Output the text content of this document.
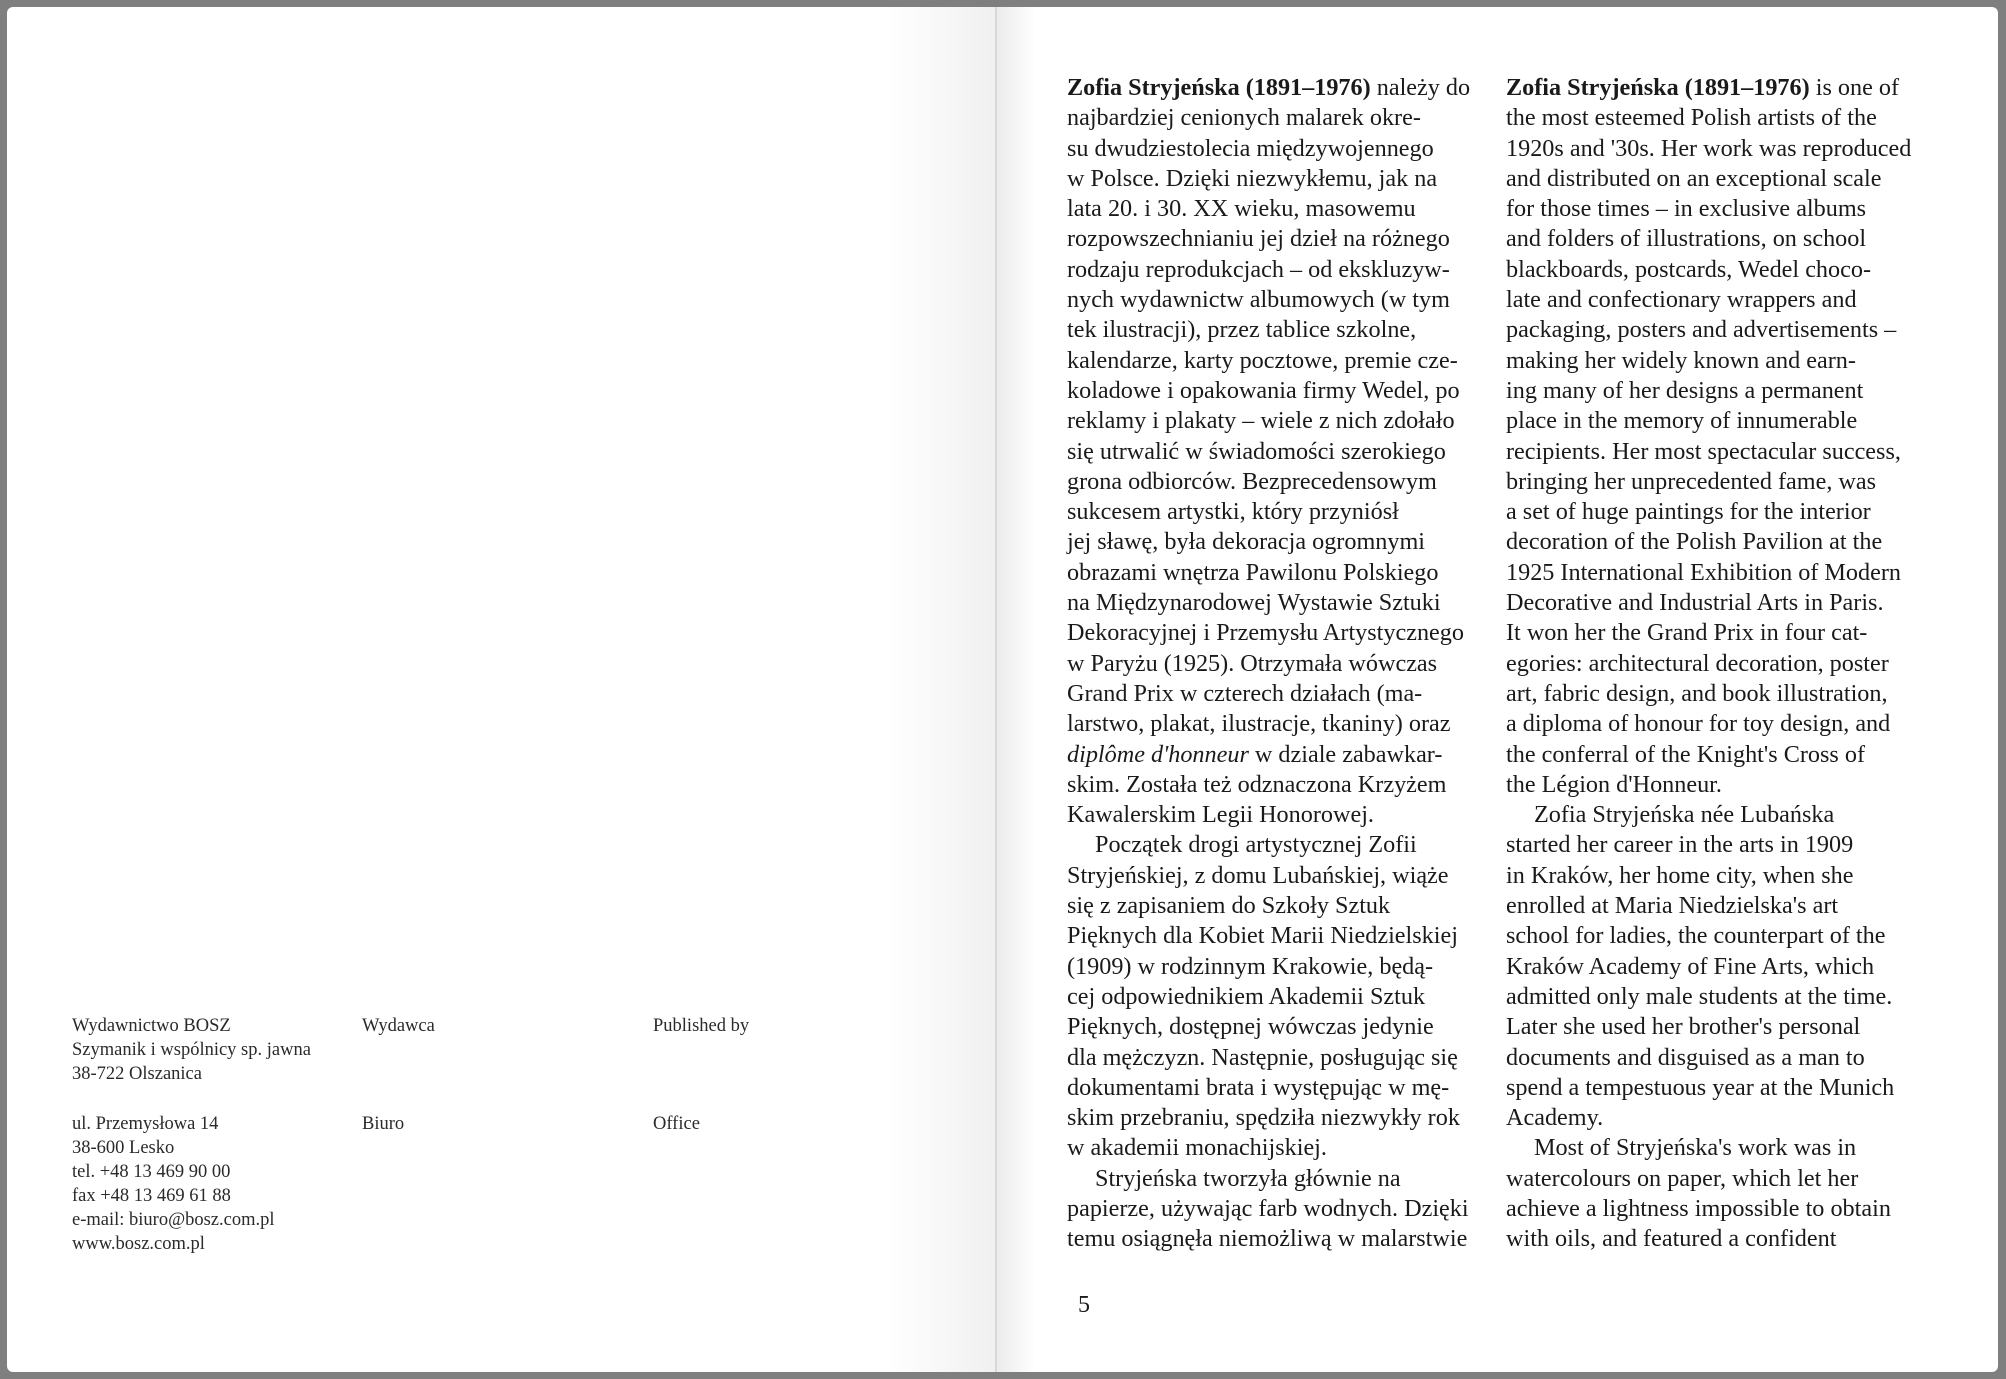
Wydawnictwo BOSZ
Szymanik i wspólnicy sp. jawna
38-722 Olszanica
Wydawca	Published by
ul. Przemysłowa 14
38-600 Lesko
tel. +48 13 469 90 00
fax +48 13 469 61 88
e-mail: biuro@bosz.com.pl
www.bosz.com.pl
Biuro	Office
Zofia Stryjeńska (1891–1976) należy do
najbardziej cenionych malarek okre-
su dwudziestolecia międzywojennego
w Polsce. Dzięki niezwykłemu, jak na
lata 20. i 30. XX wieku, masowemu
rozpowszechnianiu jej dzieł na różnego
rodzaju reprodukcjach – od ekskluzyw-
nych wydawnictw albumowych (w tym
tek ilustracji), przez tablice szkolne,
kalendarze, karty pocztowe, premie cze-
koladowe i opakowania firmy Wedel, po
reklamy i plakaty – wiele z nich zdołało
się utrwalić w świadomości szerokiego
grona odbiorców. Bezprecedensowym
sukcesem artystki, który przyniósł
jej sławę, była dekoracja ogromnymi
obrazami wnętrza Pawilonu Polskiego
na Międzynarodowej Wystawie Sztuki
Dekoracyjnej i Przemysłu Artystycznego
w Paryżu (1925). Otrzymała wówczas
Grand Prix w czterech działach (ma-
larstwo, plakat, ilustracje, tkaniny) oraz
diplôme d'honneur w dziale zabawkar-
skim. Została też odznaczona Krzyżem
Kawalerskim Legii Honorowej.
Początek drogi artystycznej Zofii
Stryjeńskiej, z domu Lubańskiej, wiąże
się z zapisaniem do Szkoły Sztuk
Pięknych dla Kobiet Marii Niedzielskiej
(1909) w rodzinnym Krakowie, będą-
cej odpowiednikiem Akademii Sztuk
Pięknych, dostępnej wówczas jedynie
dla mężczyzn. Następnie, posługując się
dokumentami brata i występując w mę-
skim przebraniu, spędziła niezwykły rok
w akademii monachijskiej.
Stryjeńska tworzyła głównie na
papierze, używając farb wodnych. Dzięki
temu osiągnęła niemożliwą w malarstwie
Zofia Stryjeńska (1891–1976) is one of
the most esteemed Polish artists of the
1920s and '30s. Her work was reproduced
and distributed on an exceptional scale
for those times – in exclusive albums
and folders of illustrations, on school
blackboards, postcards, Wedel choco-
late and confectionary wrappers and
packaging, posters and advertisements –
making her widely known and earn-
ing many of her designs a permanent
place in the memory of innumerable
recipients. Her most spectacular success,
bringing her unprecedented fame, was
a set of huge paintings for the interior
decoration of the Polish Pavilion at the
1925 International Exhibition of Modern
Decorative and Industrial Arts in Paris.
It won her the Grand Prix in four cat-
egories: architectural decoration, poster
art, fabric design, and book illustration,
a diploma of honour for toy design, and
the conferral of the Knight's Cross of
the Légion d'Honneur.
Zofia Stryjeńska née Lubańska
started her career in the arts in 1909
in Kraków, her home city, when she
enrolled at Maria Niedzielska's art
school for ladies, the counterpart of the
Kraków Academy of Fine Arts, which
admitted only male students at the time.
Later she used her brother's personal
documents and disguised as a man to
spend a tempestuous year at the Munich
Academy.
Most of Stryjeńska's work was in
watercolours on paper, which let her
achieve a lightness impossible to obtain
with oils, and featured a confident
5
